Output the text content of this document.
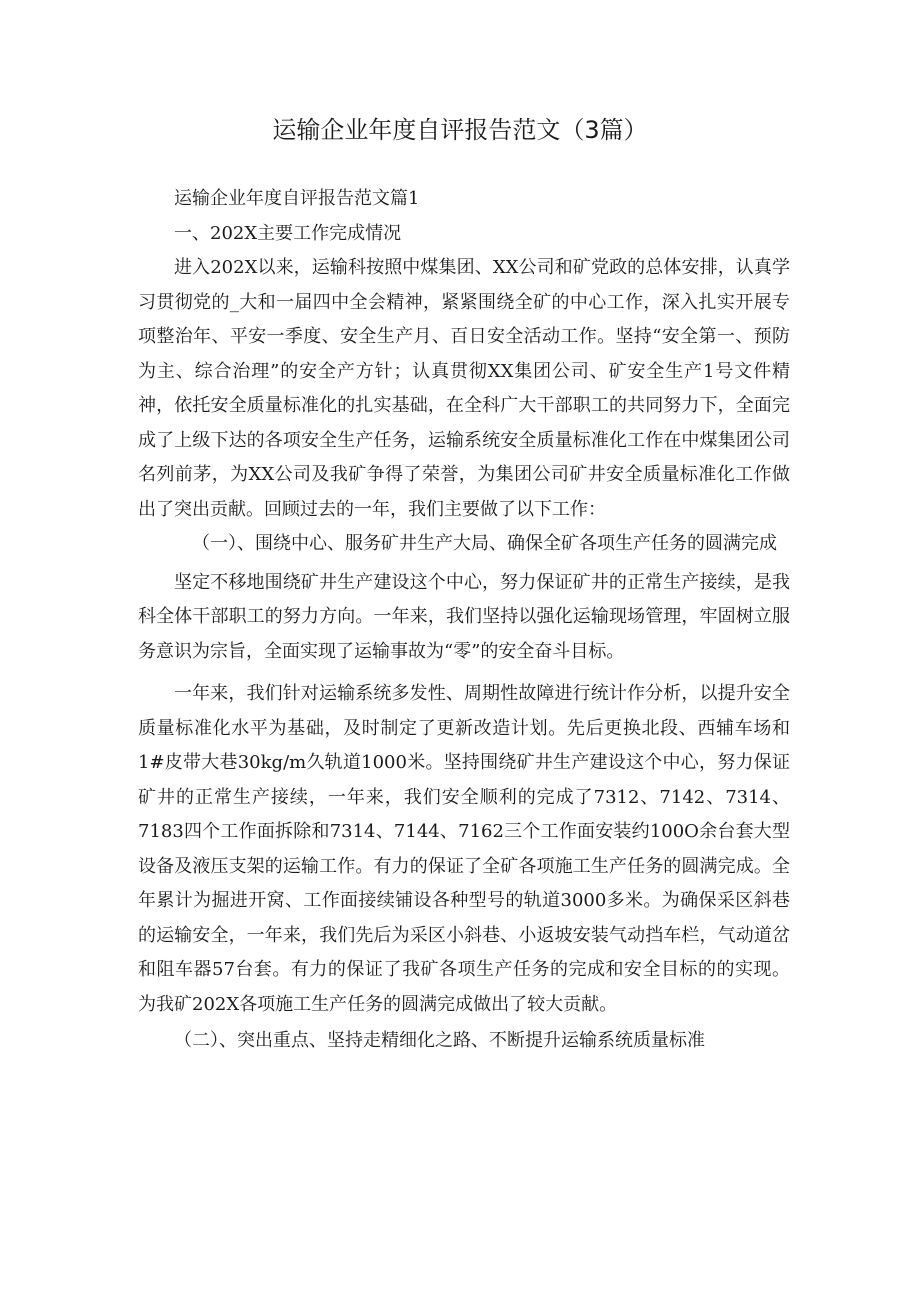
运输企业年度自评报告范文（3篇）

运输企业年度自评报告范文篇1

一、202X主要工作完成情况

进入202X以来，运输科按照中煤集团、XX公司和矿党政的总体安排，认真学习贯彻党的_大和一届四中全会精神，紧紧围绕全矿的中心工作，深入扎实开展专项整治年、平安一季度、安全生产月、百日安全活动工作。坚持“安全第一、预防为主、综合治理”的安全产方针；认真贯彻XX集团公司、矿安全生产1号文件精神，依托安全质量标准化的扎实基础，在全科广大干部职工的共同努力下，全面完成了上级下达的各项安全生产任务，运输系统安全质量标准化工作在中煤集团公司名列前茅，为XX公司及我矿争得了荣誉，为集团公司矿井安全质量标准化工作做出了突出贡献。回顾过去的一年，我们主要做了以下工作：

（一）、围绕中心、服务矿井生产大局、确保全矿各项生产任务的圆满完成

坚定不移地围绕矿井生产建设这个中心，努力保证矿井的正常生产接续，是我科全体干部职工的努力方向。一年来，我们坚持以强化运输现场管理，牢固树立服务意识为宗旨，全面实现了运输事故为“零”的安全奋斗目标。

一年来，我们针对运输系统多发性、周期性故障进行统计作分析，以提升安全质量标准化水平为基础，及时制定了更新改造计划。先后更换北段、西辅车场和1#皮带大巷30kg/m久轨道1000米。坚持围绕矿井生产建设这个中心，努力保证矿井的正常生产接续，一年来，我们安全顺利的完成了7312、7142、7314、7183四个工作面拆除和7314、7144、7162三个工作面安装约100O余台套大型设备及液压支架的运输工作。有力的保证了全矿各项施工生产任务的圆满完成。全年累计为掘进开窝、工作面接续铺设各种型号的轨道3000多米。为确保采区斜巷的运输安全，一年来，我们先后为采区小斜巷、小返坡安装气动挡车栏，气动道岔和阻车器57台套。有力的保证了我矿各项生产任务的完成和安全目标的的实现。为我矿202X各项施工生产任务的圆满完成做出了较大贡献。

（二）、突出重点、坚持走精细化之路、不断提升运输系统质量标准
